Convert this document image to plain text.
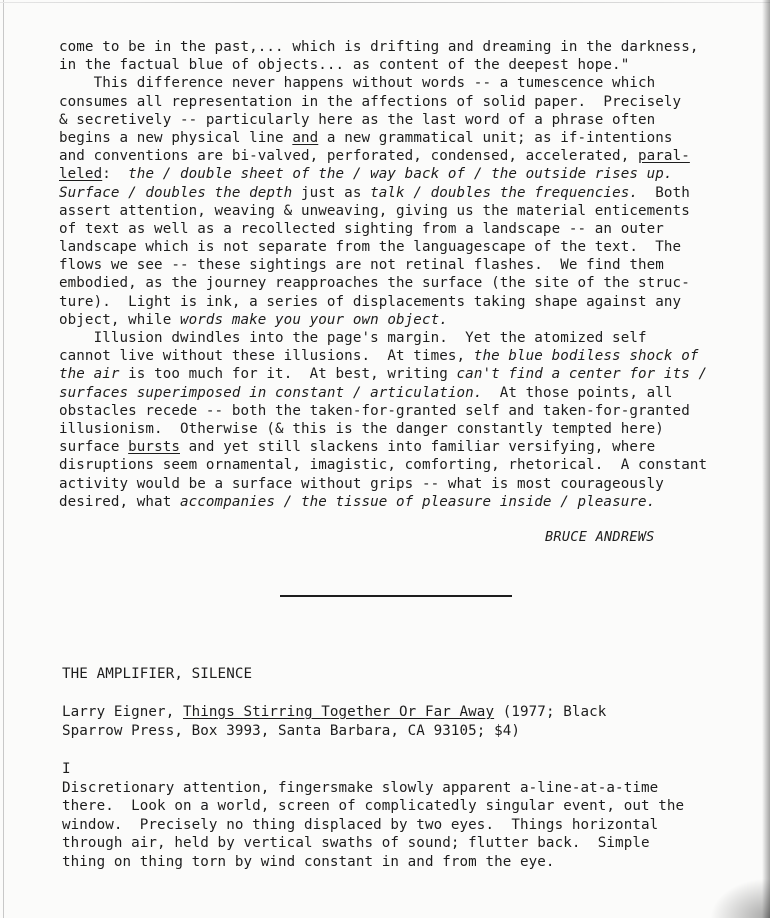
come to be in the past,... which is drifting and dreaming in the darkness,
in the factual blue of objects... as content of the deepest hope."
This difference never happens without words -- a tumescence which
consumes all representation in the affections of solid paper.  Precisely
& secretively -- particularly here as the last word of a phrase often
begins a new physical line and a new grammatical unit; as if-intentions
and conventions are bi-valved, perforated, condensed, accelerated, paral-
leled:  the / double sheet of the / way back of / the outside rises up.
Surface / doubles the depth just as talk / doubles the frequencies.  Both
assert attention, weaving & unweaving, giving us the material enticements
of text as well as a recollected sighting from a landscape -- an outer
landscape which is not separate from the languagescape of the text.  The
flows we see -- these sightings are not retinal flashes.  We find them
embodied, as the journey reapproaches the surface (the site of the struc-
ture).  Light is ink, a series of displacements taking shape against any
object, while words make you your own object.
Illusion dwindles into the page's margin.  Yet the atomized self
cannot live without these illusions.  At times, the blue bodiless shock of
the air is too much for it.  At best, writing can't find a center for its /
surfaces superimposed in constant / articulation.  At those points, all
obstacles recede -- both the taken-for-granted self and taken-for-granted
illusionism.  Otherwise (& this is the danger constantly tempted here)
surface bursts and yet still slackens into familiar versifying, where
disruptions seem ornamental, imagistic, comforting, rhetorical.  A constant
activity would be a surface without grips -- what is most courageously
desired, what accompanies / the tissue of pleasure inside / pleasure.
BRUCE ANDREWS

THE AMPLIFIER, SILENCE

Larry Eigner, Things Stirring Together Or Far Away (1977; Black
Sparrow Press, Box 3993, Santa Barbara, CA 93105; $4)

I

Discretionary attention, fingersmake slowly apparent a-line-at-a-time
there.  Look on a world, screen of complicatedly singular event, out the
window.  Precisely no thing displaced by two eyes.  Things horizontal
through air, held by vertical swaths of sound; flutter back.  Simple
thing on thing torn by wind constant in and from the eye.
